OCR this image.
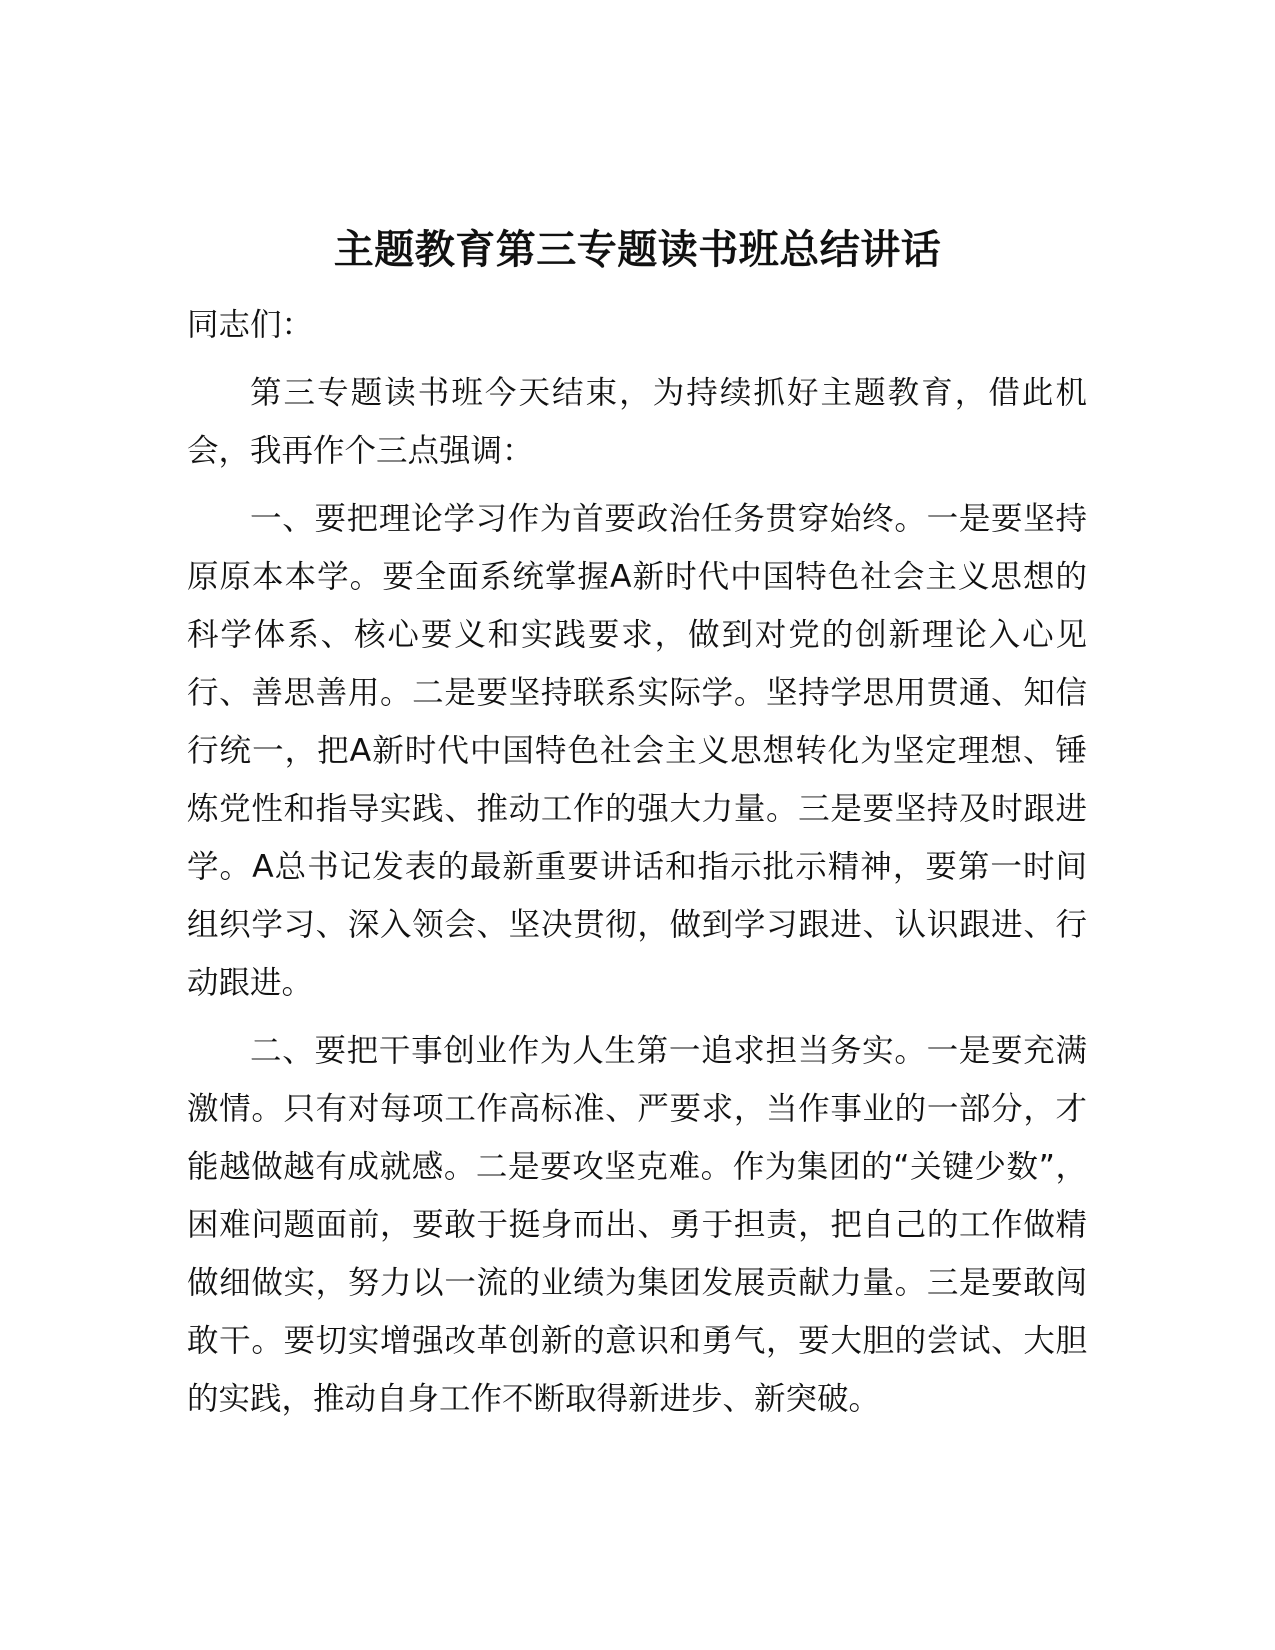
主题教育第三专题读书班总结讲话

同志们：

第三专题读书班今天结束，为持续抓好主题教育，借此机会，我再作个三点强调：

一、要把理论学习作为首要政治任务贯穿始终。一是要坚持原原本本学。要全面系统掌握A新时代中国特色社会主义思想的科学体系、核心要义和实践要求，做到对党的创新理论入心见行、善思善用。二是要坚持联系实际学。坚持学思用贯通、知信行统一，把A新时代中国特色社会主义思想转化为坚定理想、锤炼党性和指导实践、推动工作的强大力量。三是要坚持及时跟进学。A总书记发表的最新重要讲话和指示批示精神，要第一时间组织学习、深入领会、坚决贯彻，做到学习跟进、认识跟进、行动跟进。

二、要把干事创业作为人生第一追求担当务实。一是要充满激情。只有对每项工作高标准、严要求，当作事业的一部分，才能越做越有成就感。二是要攻坚克难。作为集团的“关键少数”，困难问题面前，要敢于挺身而出、勇于担责，把自己的工作做精做细做实，努力以一流的业绩为集团发展贡献力量。三是要敢闯敢干。要切实增强改革创新的意识和勇气，要大胆的尝试、大胆的实践，推动自身工作不断取得新进步、新突破。
